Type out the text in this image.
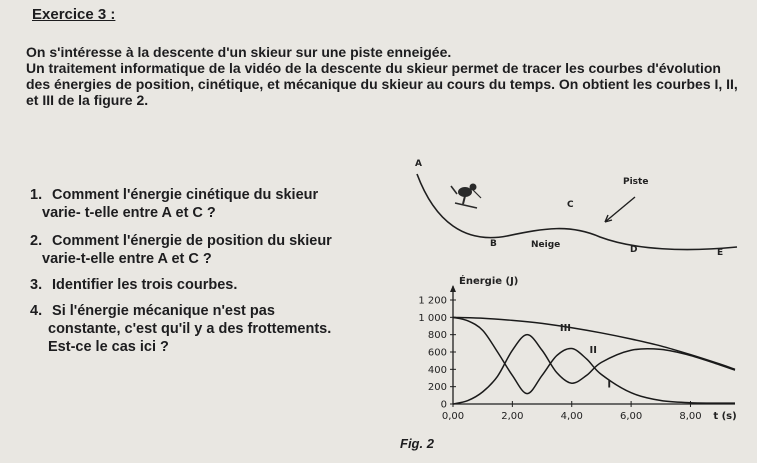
Exercice 3 :

On s'intéresse à la descente d'un skieur sur une piste enneigée.

Un traitement informatique de la vidéo de la descente du skieur permet de tracer les courbes d'évolution des énergies de position, cinétique, et mécanique du skieur au cours du temps. On obtient les courbes I, II, et III de la figure 2.

1. Comment l'énergie cinétique du skieur
varie- t-elle entre A et C ?
2. Comment l'énergie de position du skieur
varie-t-elle entre A et C ?
3. Identifier les trois courbes.
4. Si l'énergie mécanique n'est pas
constante, c'est qu'il y a des frottements.
Est-ce le cas ici ?
A
C
B
D	E
Piste
Neige
0
200
400
600
800
1 000
1 200
0,00	2,00	4,00	6,00	8,00
Énergie (J)
t (s)
III
II
I
Fig. 2
